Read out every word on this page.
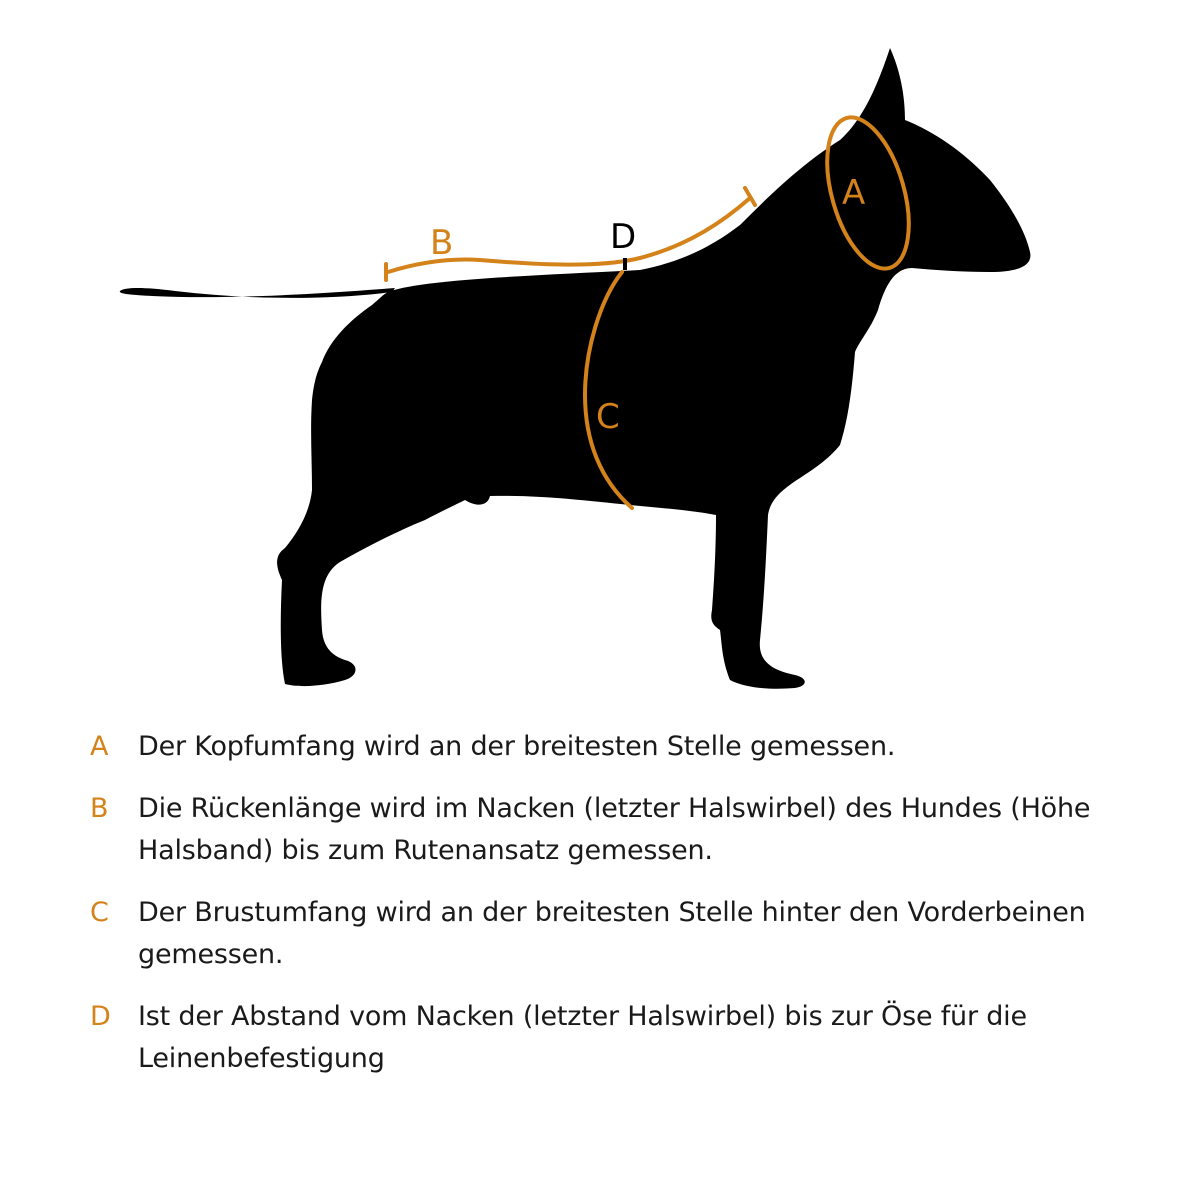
A
B
C
D
A	Der Kopfumfang wird an der breitesten Stelle gemessen.
B	Die Rückenlänge wird im Nacken (letzter Halswirbel) des Hundes (Höhe Halsband) bis zum Rutenansatz gemessen.
C	Der Brustumfang wird an der breitesten Stelle hinter den Vorderbeinen gemessen.
D	Ist der Abstand vom Nacken (letzter Halswirbel) bis zur Öse für die Leinenbefestigung
